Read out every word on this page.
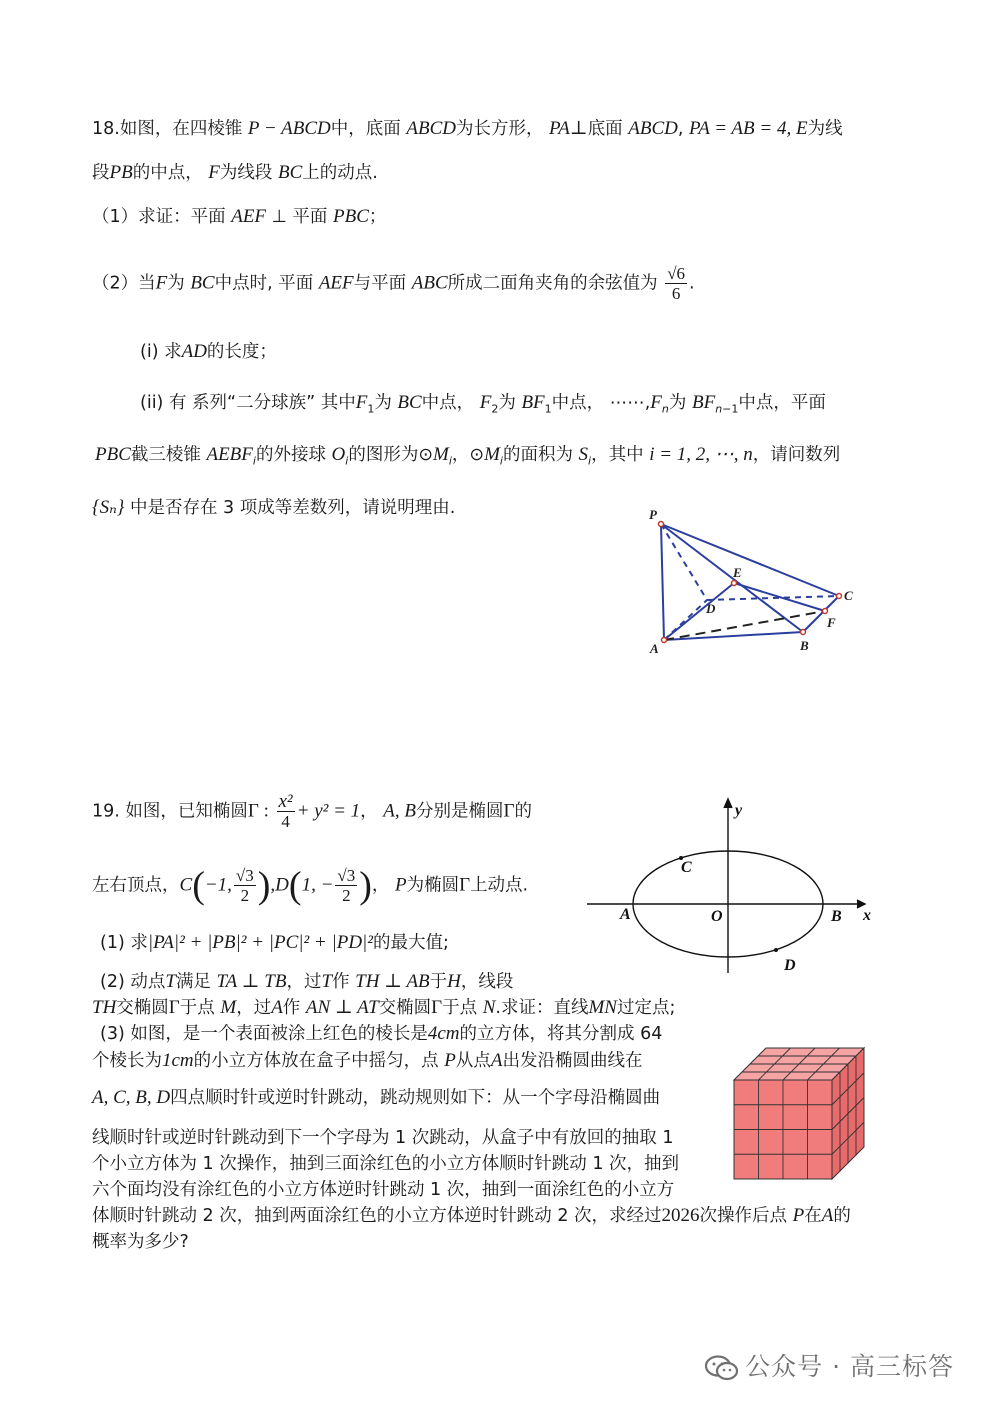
18.如图，在四棱锥 P − ABCD中，底面 ABCD为长方形， PA⊥底面 ABCD, PA = AB = 4, E为线
段PB的中点， F为线段 BC上的动点.
（1）求证：平面 AEF ⊥ 平面 PBC；
（2）当F为 BC中点时, 平面 AEF与平面 ABC所成二面角夹角的余弦值为 $\frac{√6}{6}$ .
(i) 求AD的长度；
(ii) 有 系列“二分球族” 其中$F_1$为 BC中点， $F_2$为 $BF_1$中点， $\cdots\cdots,F_n$为 $BF_{n-1}$中点，平面
PBC截三棱锥 $AEBF_i$的外接球 $O_i$的图形为$⊙M_i$，$⊙M_i$的面积为 $S_i$，其中 i = 1, 2, ⋯, n，请问数列
{Sₙ} 中是否存在 3 项成等差数列，请说明理由.	P
E
D
C
F
A	B
19. 如图，已知椭圆Γ : $\frac{\text{x²}}{4} + y^2 = 1$， A, B分别是椭圆Γ的
左右顶点，C(−1, $\frac{√3}{2} ),D(1$, − $\frac{√3}{2}$ )， P为椭圆Γ上动点.
(1) 求|PA|² + |PB|² + |PC|² + |PD|²的最大值;
(2) 动点T满足 TA ⊥ TB，过T作 TH ⊥ AB于H，线段
TH交椭圆Γ于点 M，过A作 AN ⊥ AT交椭圆Γ于点 N.求证：直线MN过定点;
(3) 如图，是一个表面被涂上红色的棱长是4cm的立方体，将其分割成 64
个棱长为1cm的小立方体放在盒子中摇匀，点 P从点A出发沿椭圆曲线在
A, C, B, D四点顺时针或逆时针跳动，跳动规则如下：从一个字母沿椭圆曲
线顺时针或逆时针跳动到下一个字母为 1 次跳动，从盒子中有放回的抽取 1
个小立方体为 1 次操作，抽到三面涂红色的小立方体顺时针跳动 1 次，抽到
六个面均没有涂红色的小立方体逆时针跳动 1 次，抽到一面涂红色的小立方
体顺时针跳动 2 次，抽到两面涂红色的小立方体逆时针跳动 2 次，求经过2026次操作后点 P在A的
概率为多少?
y
x
O
A	B
C
D
公众号 · 高三标答
